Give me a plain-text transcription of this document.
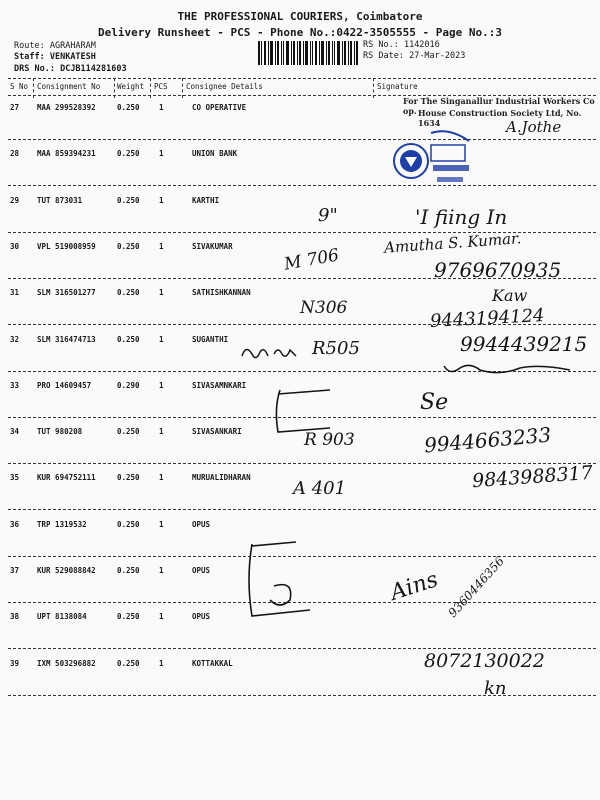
THE PROFESSIONAL COURIERS, Coimbatore
Delivery Runsheet - PCS - Phone No.:0422-3505555 - Page No.:3
Route: AGRAHARAM
Staff: VENKATESH
DRS No.: DCJB114281603
RS No.: 1142016
RS Date: 27-Mar-2023
S No Consignment No Weight PCS Consignee Details	Signature
27 MAA 299528392	0.250	1	CO OPERATIVE
28 MAA 859394231	0.250	1	UNION BANK
29 TUT 873031	0.250	1	KARTHI
30 VPL 519008959	0.250	1	SIVAKUMAR
31 SLM 316501277	0.250	1	SATHISHKANNAN
32 SLM 316474713	0.250	1	SUGANTHI
33 PRO 14609457	0.290	1	SIVASAMNKARI
34 TUT 980208	0.250	1	SIVASANKARI
35 KUR 694752111	0.250	1	MURUALIDHARAN
36 TRP 1319532	0.250	1	OPUS
37 KUR 529088842	0.250	1	OPUS
38 UPT 8138084	0.250	1	OPUS
39 IXM 503296882	0.250	1	KOTTAKKAL
For The Singanallur Industrial Workers Co op. House Construction Society Ltd, No. 1634	A.Jothe
9"	'I fiing In
M 706
Amutha S. Kumar.
9769670935
N306
Kaw
9443194124
R505	9944439215
Se
R 903	9944663233
A 401	9843988317
Ains 9360446356
8072130022
kn
